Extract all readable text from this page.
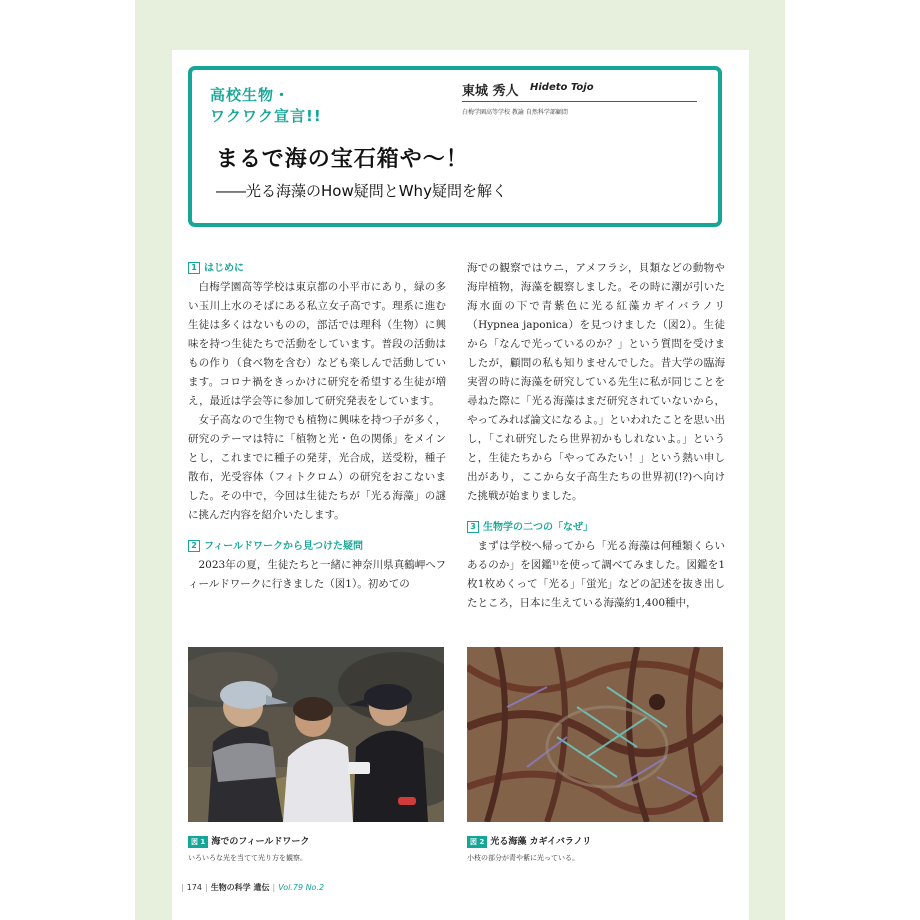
高校生物・
ワクワク宣言!!
東城 秀人 Hideto Tojo
白梅学園高等学校 教諭 自然科学部顧問
まるで海の宝石箱や～！
――光る海藻のHow疑問とWhy疑問を解く
1 はじめに

白梅学園高等学校は東京都の小平市にあり，緑の多い玉川上水のそばにある私立女子高です。理系に進む生徒は多くはないものの，部活では理科（生物）に興味を持つ生徒たちで活動をしています。普段の活動はもの作り（食べ物を含む）なども楽しんで活動しています。コロナ禍をきっかけに研究を希望する生徒が増え，最近は学会等に参加して研究発表をしています。

女子高なので生物でも植物に興味を持つ子が多く，研究のテーマは特に「植物と光・色の関係」をメインとし，これまでに種子の発芽，光合成，送受粉，種子散布，光受容体（フィトクロム）の研究をおこないました。その中で，今回は生徒たちが「光る海藻」の謎に挑んだ内容を紹介いたします。

2 フィールドワークから見つけた疑問

2023年の夏，生徒たちと一緒に神奈川県真鶴岬へフィールドワークに行きました（図1）。初めての

海での観察ではウニ，アメフラシ，貝類などの動物や海岸植物，海藻を観察しました。その時に潮が引いた海水面の下で青紫色に光る紅藻カギイバラノリ（Hypnea japonica）を見つけました（図2）。生徒から「なんで光っているのか？」という質問を受けましたが，顧問の私も知りませんでした。昔大学の臨海実習の時に海藻を研究している先生に私が同じことを尋ねた際に「光る海藻はまだ研究されていないから，やってみれば論文になるよ。」といわれたことを思い出し，「これ研究したら世界初かもしれないよ。」というと，生徒たちから「やってみたい！」という熱い申し出があり，ここから女子高生たちの世界初(!?)へ向けた挑戦が始まりました。

3 生物学の二つの「なぜ」

まずは学校へ帰ってから「光る海藻は何種類くらいあるのか」を図鑑¹⁾を使って調べてみました。図鑑を1枚1枚めくって「光る」「蛍光」などの記述を抜き出したところ，日本に生えている海藻約1,400種中，

図 1 海でのフィールドワーク
いろいろな光を当てて光り方を観察。
図 2 光る海藻 カギイバラノリ
小枝の部分が青や紫に光っている。
| 174 | 生物の科学 遺伝 | Vol.79 No.2
